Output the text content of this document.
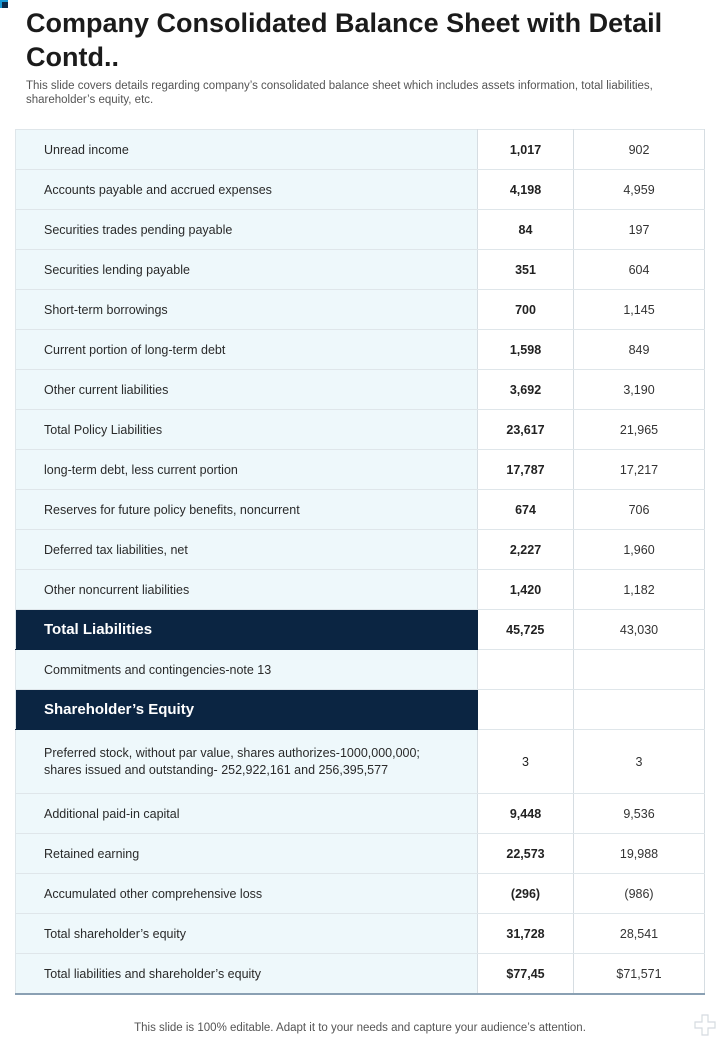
Company Consolidated Balance Sheet with Detail Contd..

This slide covers details regarding company’s consolidated balance sheet which includes assets information, total liabilities, shareholder’s equity, etc.

Unread income	1,017	902
Accounts payable and accrued expenses	4,198	4,959
Securities trades pending payable	84	197
Securities lending payable	351	604
Short-term borrowings	700	1,145
Current portion of long-term debt	1,598	849
Other current liabilities	3,692	3,190
Total Policy Liabilities	23,617	21,965
long-term debt, less current portion	17,787	17,217
Reserves for future policy benefits, noncurrent	674	706
Deferred tax liabilities, net	2,227	1,960
Other noncurrent liabilities	1,420	1,182
Total Liabilities	45,725	43,030
Commitments and contingencies-note 13		
Shareholder’s Equity		
Preferred stock, without par value, shares authorizes-1000,000,000;
shares issued and outstanding- 252,922,161 and 256,395,577	3	3
Additional paid-in capital	9,448	9,536
Retained earning	22,573	19,988
Accumulated other comprehensive loss	(296)	(986)
Total shareholder’s equity	31,728	28,541
Total liabilities and shareholder’s equity	$77,45	$71,571
This slide is 100% editable. Adapt it to your needs and capture your audience’s attention.
